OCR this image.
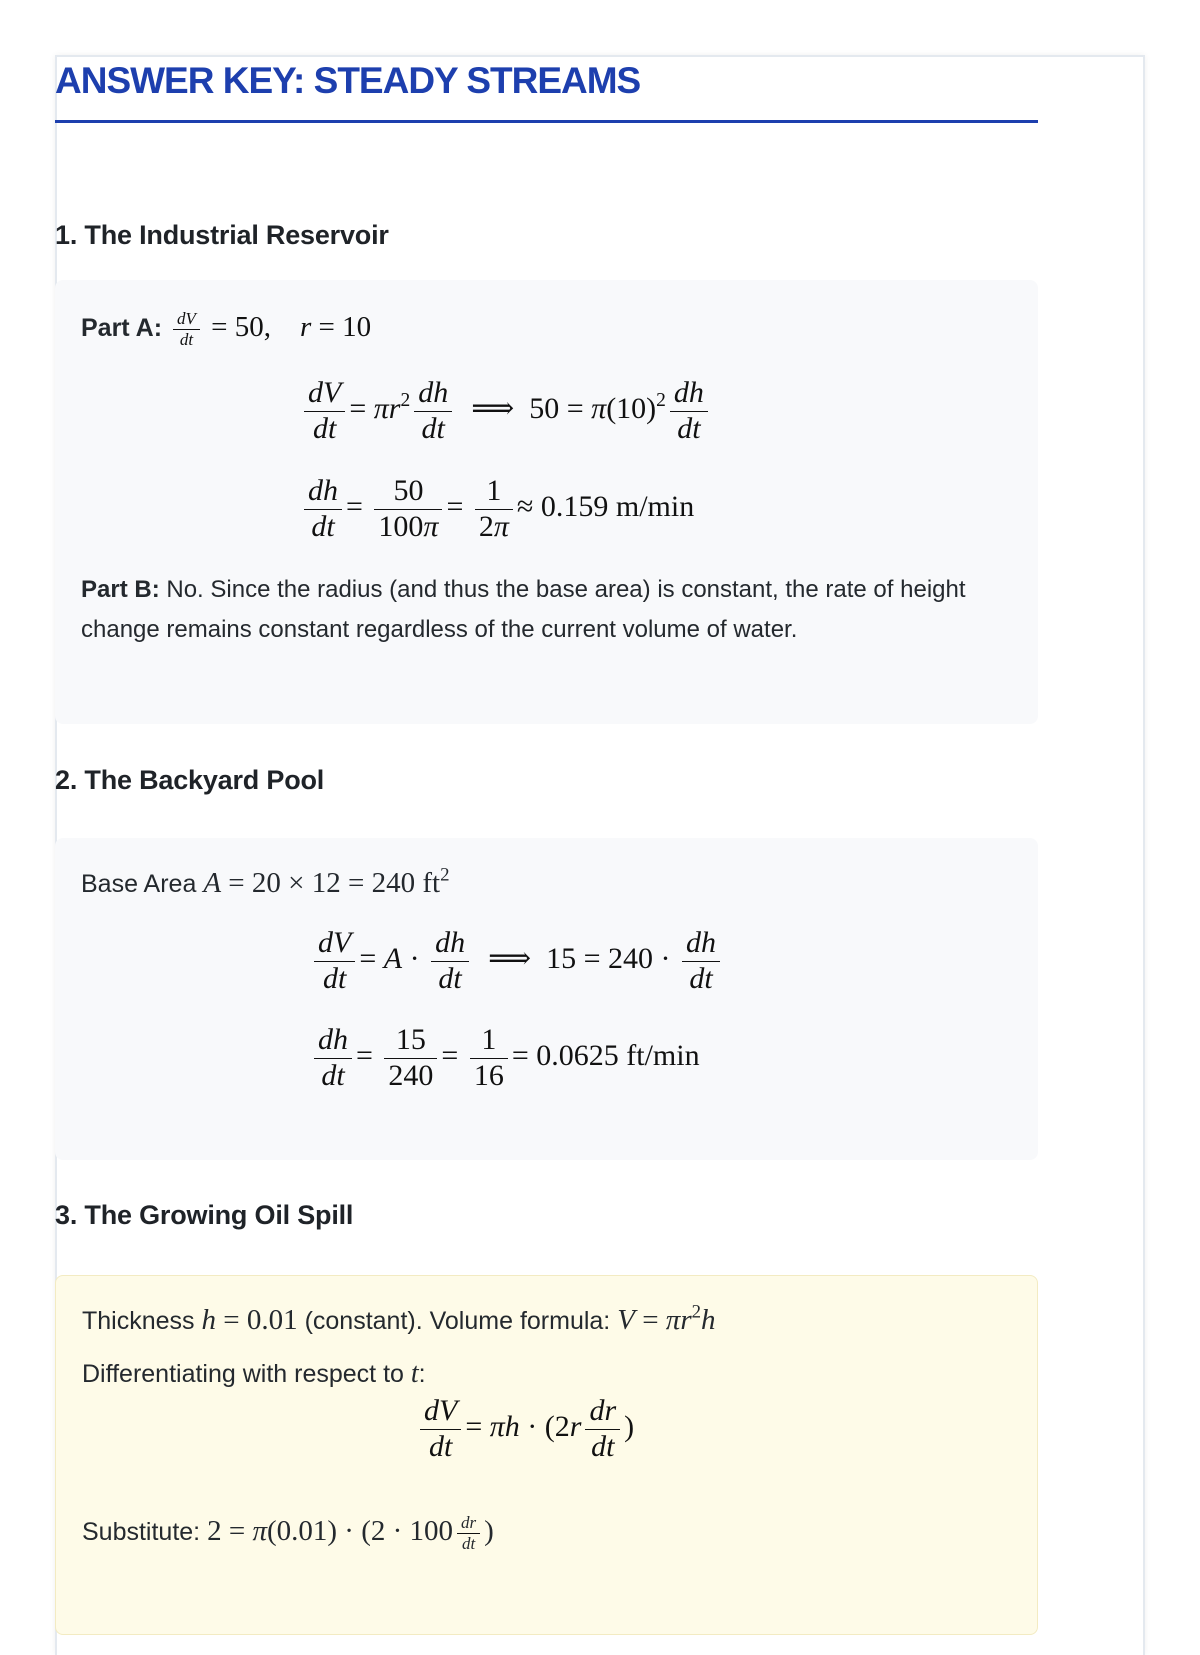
ANSWER KEY: STEADY STREAMS
1. The Industrial Reservoir
Part A: $\frac{dV}{dt} = 50$,    r = 10
$\frac{dV}{dt} = \pi r^2 \frac{dh}{dt}$ ⟹  $50 = \pi(10)^2 \frac{dh}{dt}$
$\frac{dh}{dt} = \frac{50}{100\pi} = \frac{1}{2\pi} \approx 0.159$ m/min
Part B: No. Since the radius (and thus the base area) is constant, the rate of height change remains constant regardless of the current volume of water.
2. The Backyard Pool
Base Area A = 20 × 12 = 240 $ft^2$
$\frac{dV}{dt} = A \cdot \frac{dh}{dt}$ ⟹  $15 = 240 \cdot \frac{dh}{dt}$
$\frac{dh}{dt} = \frac{15}{240} = \frac{1}{16} = 0.0625$ ft/min
3. The Growing Oil Spill
Thickness h = 0.01 (constant). Volume formula: $V = \pi r^2h$
Differentiating with respect to t:
$\frac{dV}{dt} = \pi h \cdot (2r \frac{dr}{dt}$ )
Substitute: $2 = \pi(0.01) \cdot (2 \cdot 100 \frac{dr}{dt}$ )
